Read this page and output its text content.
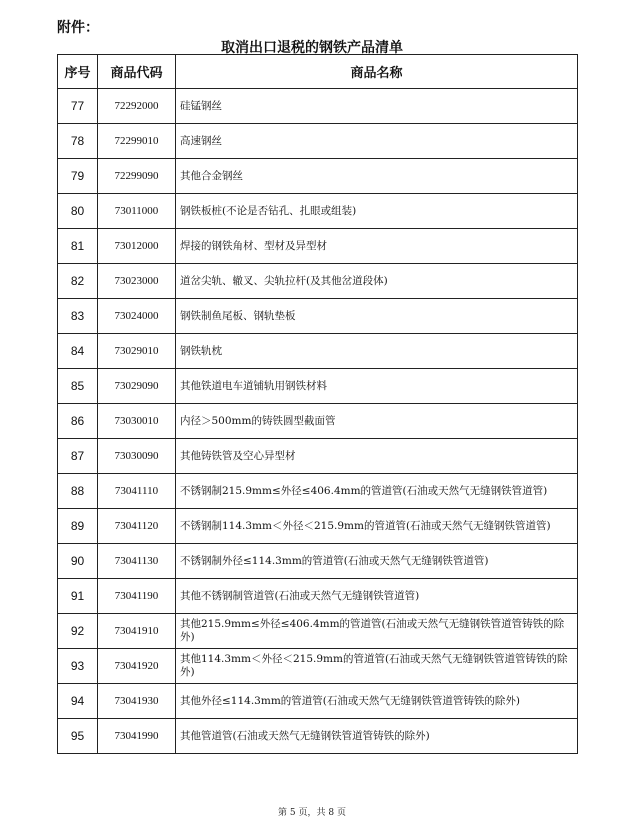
附件：
取消出口退税的钢铁产品清单
序号	商品代码	商品名称
77	72292000	硅锰钢丝
78	72299010	高速钢丝
79	72299090	其他合金钢丝
80	73011000	钢铁板桩(不论是否钻孔、扎眼或组装)
81	73012000	焊接的钢铁角材、型材及异型材
82	73023000	道岔尖轨、辙叉、尖轨拉杆(及其他岔道段体)
83	73024000	钢铁制鱼尾板、钢轨垫板
84	73029010	钢铁轨枕
85	73029090	其他铁道电车道铺轨用钢铁材料
86	73030010	内径＞500mm的铸铁圆型截面管
87	73030090	其他铸铁管及空心异型材
88	73041110	不锈钢制215.9mm≤外径≤406.4mm的管道管(石油或天然气无缝钢铁管道管)
89	73041120	不锈钢制114.3mm＜外径＜215.9mm的管道管(石油或天然气无缝钢铁管道管)
90	73041130	不锈钢制外径≤114.3mm的管道管(石油或天然气无缝钢铁管道管)
91	73041190	其他不锈钢制管道管(石油或天然气无缝钢铁管道管)
92	73041910	其他215.9mm≤外径≤406.4mm的管道管(石油或天然气无缝钢铁管道管铸铁的除外)
93	73041920	其他114.3mm＜外径＜215.9mm的管道管(石油或天然气无缝钢铁管道管铸铁的除外)
94	73041930	其他外径≤114.3mm的管道管(石油或天然气无缝钢铁管道管铸铁的除外)
95	73041990	其他管道管(石油或天然气无缝钢铁管道管铸铁的除外)
第 5 页，共 8 页
